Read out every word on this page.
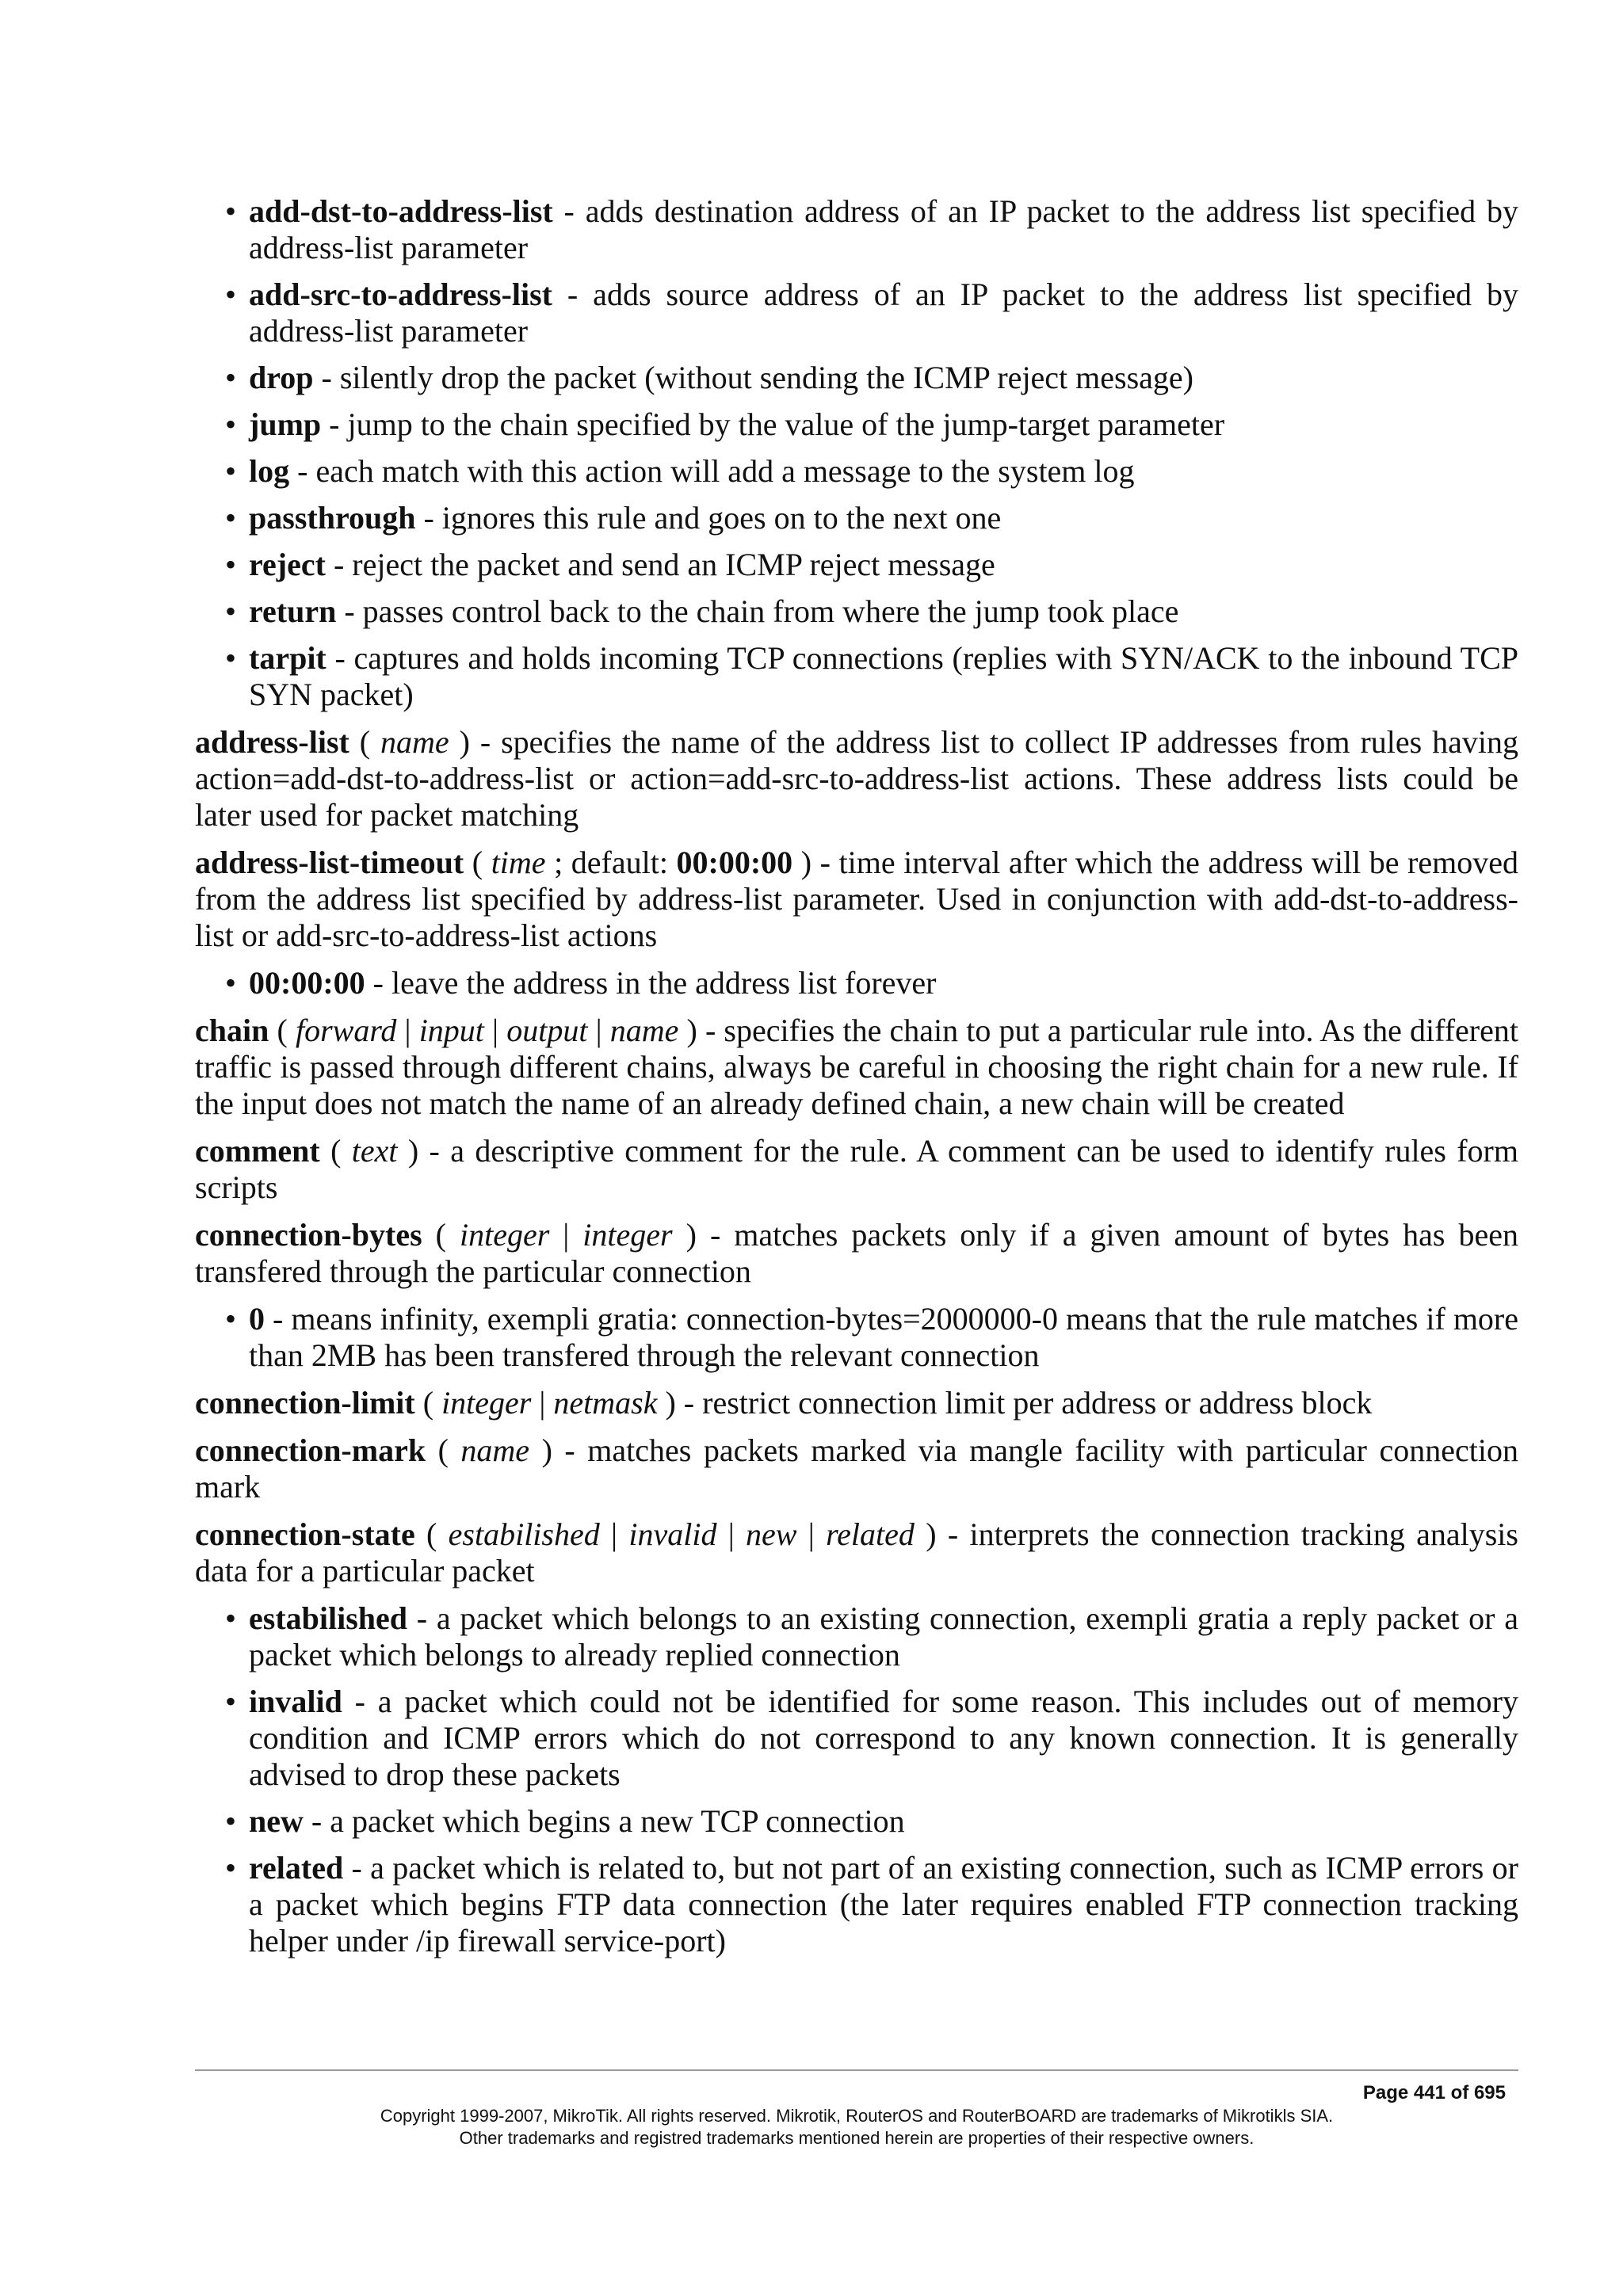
• add-dst-to-address-list - adds destination address of an IP packet to the address list specified by address-list parameter
• add-src-to-address-list - adds source address of an IP packet to the address list specified by address-list parameter
• drop - silently drop the packet (without sending the ICMP reject message)
• jump - jump to the chain specified by the value of the jump-target parameter
• log - each match with this action will add a message to the system log
• passthrough - ignores this rule and goes on to the next one
• reject - reject the packet and send an ICMP reject message
• return - passes control back to the chain from where the jump took place
• tarpit - captures and holds incoming TCP connections (replies with SYN/ACK to the inbound TCP SYN packet)

address-list ( name ) - specifies the name of the address list to collect IP addresses from rules having action=add-dst-to-address-list or action=add-src-to-address-list actions. These address lists could be later used for packet matching

address-list-timeout ( time ; default: 00:00:00 ) - time interval after which the address will be removed from the address list specified by address-list parameter. Used in conjunction with add-dst-to-address-list or add-src-to-address-list actions

• 00:00:00 - leave the address in the address list forever

chain ( forward | input | output | name ) - specifies the chain to put a particular rule into. As the different traffic is passed through different chains, always be careful in choosing the right chain for a new rule. If the input does not match the name of an already defined chain, a new chain will be created

comment ( text ) - a descriptive comment for the rule. A comment can be used to identify rules form scripts

connection-bytes ( integer | integer ) - matches packets only if a given amount of bytes has been transfered through the particular connection

• 0 - means infinity, exempli gratia: connection-bytes=2000000-0 means that the rule matches if more than 2MB has been transfered through the relevant connection

connection-limit ( integer | netmask ) - restrict connection limit per address or address block

connection-mark ( name ) - matches packets marked via mangle facility with particular connection mark

connection-state ( estabilished | invalid | new | related ) - interprets the connection tracking analysis data for a particular packet

• estabilished - a packet which belongs to an existing connection, exempli gratia a reply packet or a packet which belongs to already replied connection
• invalid - a packet which could not be identified for some reason. This includes out of memory condition and ICMP errors which do not correspond to any known connection. It is generally advised to drop these packets
• new - a packet which begins a new TCP connection
• related - a packet which is related to, but not part of an existing connection, such as ICMP errors or a packet which begins FTP data connection (the later requires enabled FTP connection tracking helper under /ip firewall service-port)
Page 441 of 695
Copyright 1999-2007, MikroTik. All rights reserved. Mikrotik, RouterOS and RouterBOARD are trademarks of Mikrotikls SIA.
Other trademarks and registred trademarks mentioned herein are properties of their respective owners.
